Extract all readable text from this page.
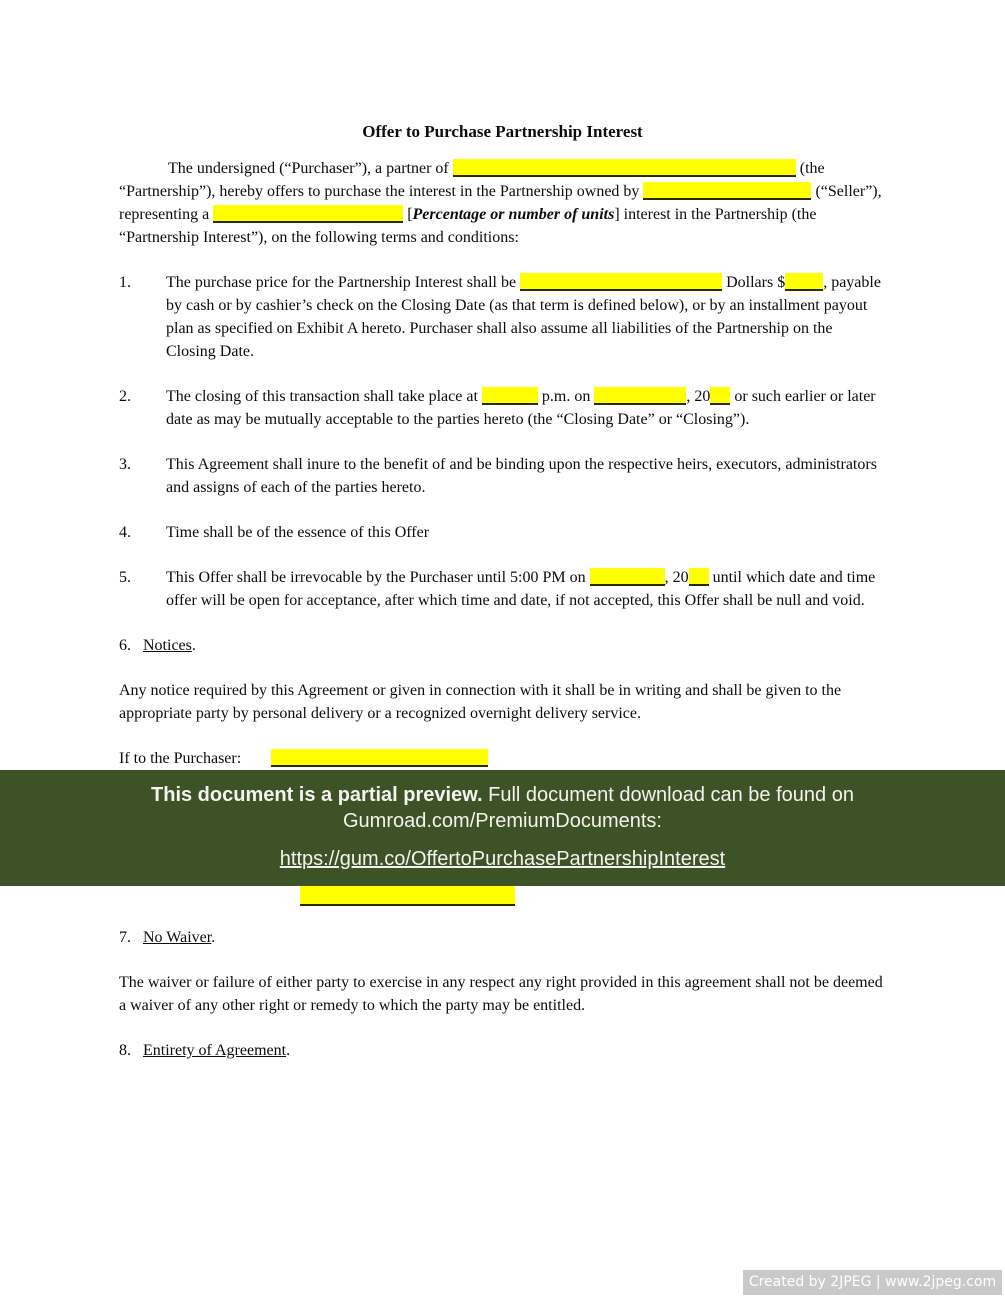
Offer to Purchase Partnership Interest

The undersigned (“Purchaser”), a partner of	(the “Partnership”), hereby offers to purchase the interest in the Partnership owned by	(“Seller”), representing a	[Percentage or number of units] interest in the Partnership (the “Partnership Interest”), on the following terms and conditions:

1.	The purchase price for the Partnership Interest shall be	Dollars $ , payable by cash or by cashier’s check on the Closing Date (as that term is defined below), or by an installment payout plan as specified on Exhibit A hereto. Purchaser shall also assume all liabilities of the Partnership on the Closing Date.
2.	The closing of this transaction shall take place at	p.m. on	, 20 or such earlier or later date as may be mutually acceptable to the parties hereto (the “Closing Date” or “Closing”).
3.	This Agreement shall inure to the benefit of and be binding upon the respective heirs, executors, administrators and assigns of each of the parties hereto.
4.	Time shall be of the essence of this Offer
5.	This Offer shall be irrevocable by the Purchaser until 5:00 PM on	, 20 until which date and time offer will be open for acceptance, after which time and date, if not accepted, this Offer shall be null and void.
6. Notices.

Any notice required by this Agreement or given in connection with it shall be in writing and shall be given to the appropriate party by personal delivery or a recognized overnight delivery service.

If to the Purchaser:

This document is a partial preview. Full document download can be found on Gumroad.com/PremiumDocuments:

https://gum.co/OffertoPurchasePartnershipInterest

7. No Waiver.

The waiver or failure of either party to exercise in any respect any right provided in this agreement shall not be deemed a waiver of any other right or remedy to which the party may be entitled.

8. Entirety of Agreement.
Created by 2JPEG | www.2jpeg.com
